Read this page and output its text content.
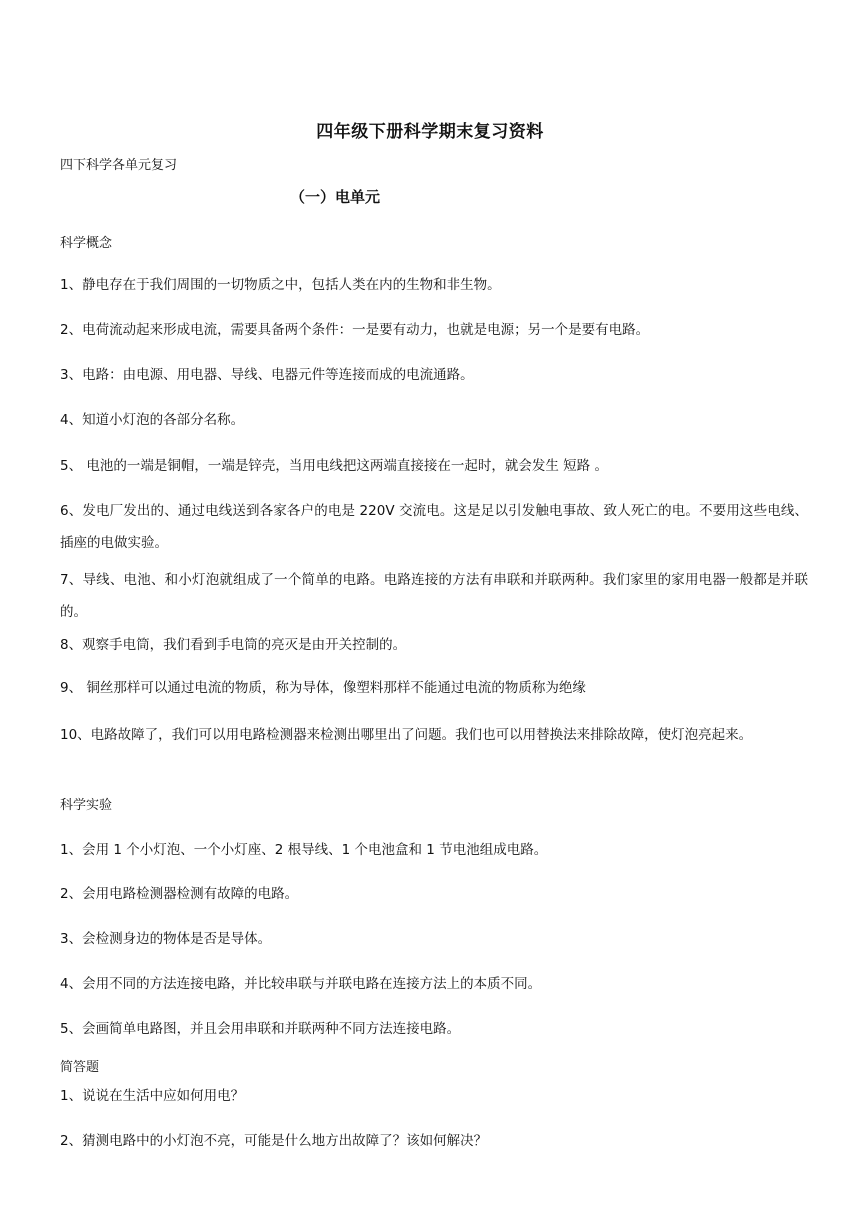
四年级下册科学期末复习资料
四下科学各单元复习
（一）电单元
科学概念
1、静电存在于我们周围的一切物质之中，包括人类在内的生物和非生物。
2、电荷流动起来形成电流，需要具备两个条件：一是要有动力，也就是电源；另一个是要有电路。
3、电路：由电源、用电器、导线、电器元件等连接而成的电流通路。
4、知道小灯泡的各部分名称。
5、 电池的一端是铜帽，一端是锌壳，当用电线把这两端直接接在一起时，就会发生 短路 。
6、发电厂发出的、通过电线送到各家各户的电是 220V 交流电。这是足以引发触电事故、致人死亡的电。不要用这些电线、插座的电做实验。
7、导线、电池、和小灯泡就组成了一个简单的电路。电路连接的方法有串联和并联两种。我们家里的家用电器一般都是并联的。
8、观察手电筒，我们看到手电筒的亮灭是由开关控制的。
9、 铜丝那样可以通过电流的物质，称为导体，像塑料那样不能通过电流的物质称为绝缘
10、电路故障了，我们可以用电路检测器来检测出哪里出了问题。我们也可以用替换法来排除故障，使灯泡亮起来。
科学实验
1、会用 1 个小灯泡、一个小灯座、2 根导线、1 个电池盒和 1 节电池组成电路。
2、会用电路检测器检测有故障的电路。
3、会检测身边的物体是否是导体。
4、会用不同的方法连接电路，并比较串联与并联电路在连接方法上的本质不同。
5、会画简单电路图，并且会用串联和并联两种不同方法连接电路。
简答题
1、说说在生活中应如何用电？
2、猜测电路中的小灯泡不亮，可能是什么地方出故障了？该如何解决？
